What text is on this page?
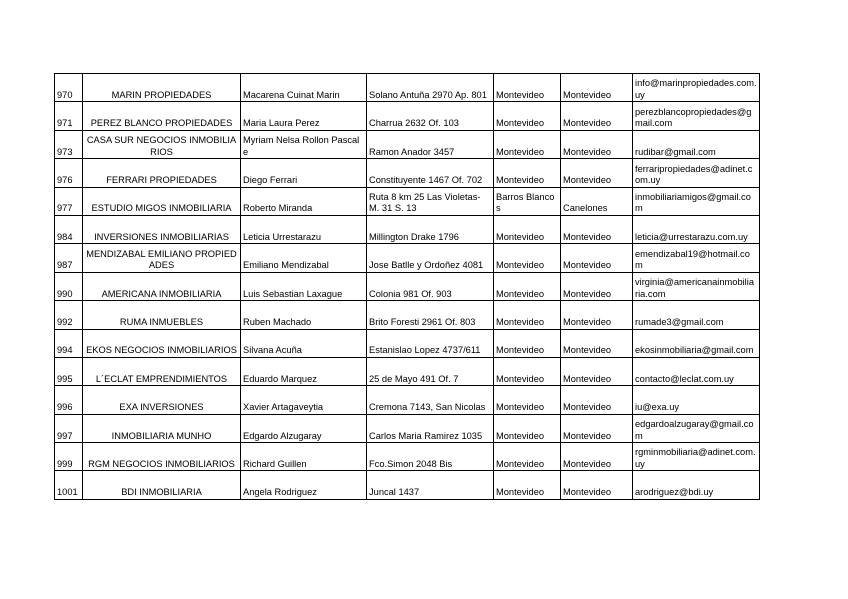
970	MARIN PROPIEDADES	Macarena Cuinat Marin	Solano Antuña 2970 Ap. 801	Montevideo	Montevideo	info@marinpropiedades.com.uy
971	PEREZ BLANCO PROPIEDADES	Maria Laura Perez	Charrua 2632 Of. 103	Montevideo	Montevideo	perezblancopropiedades@gmail.com
973	CASA SUR NEGOCIOS INMOBILIARIOS	Myriam Nelsa Rollon Pascale	Ramon Anador 3457	Montevideo	Montevideo	rudibar@gmail.com
976	FERRARI PROPIEDADES	Diego Ferrari	Constituyente 1467 Of. 702	Montevideo	Montevideo	ferraripropiedades@adinet.com.uy
977	ESTUDIO MIGOS INMOBILIARIA	Roberto Miranda	Ruta 8 km 25 Las Violetas- M. 31 S. 13	Barros Blancos	Canelones	inmobiliariamigos@gmail.com
984	INVERSIONES INMOBILIARIAS	Leticia Urrestarazu	Millington Drake 1796	Montevideo	Montevideo	leticia@urrestarazu.com.uy
987	MENDIZABAL EMILIANO PROPIEDADES	Emiliano Mendizabal	Jose Batlle y Ordoñez 4081	Montevideo	Montevideo	emendizabal19@hotmail.com
990	AMERICANA INMOBILIARIA	Luis Sebastian Laxague	Colonia 981 Of. 903	Montevideo	Montevideo	virginia@americanainmobiliaria.com
992	RUMA INMUEBLES	Ruben Machado	Brito Foresti 2961 Of. 803	Montevideo	Montevideo	rumade3@gmail.com
994	EKOS NEGOCIOS INMOBILIARIOS	Silvana Acuña	Estanislao Lopez 4737/611	Montevideo	Montevideo	ekosinmobiliaria@gmail.com
995	L´ECLAT EMPRENDIMIENTOS	Eduardo Marquez	25 de Mayo 491 Of. 7	Montevideo	Montevideo	contacto@leclat.com.uy
996	EXA INVERSIONES	Xavier Artagaveytia	Cremona 7143, San Nicolas	Montevideo	Montevideo	iu@exa.uy
997	INMOBILIARIA MUNHO	Edgardo Alzugaray	Carlos Maria Ramirez 1035	Montevideo	Montevideo	edgardoalzugaray@gmail.com
999	RGM NEGOCIOS INMOBILIARIOS	Richard Guillen	Fco.Simon 2048 Bis	Montevideo	Montevideo	rgminmobiliaria@adinet.com.uy
1001	BDI INMOBILIARIA	Angela Rodriguez	Juncal 1437	Montevideo	Montevideo	arodriguez@bdi.uy
